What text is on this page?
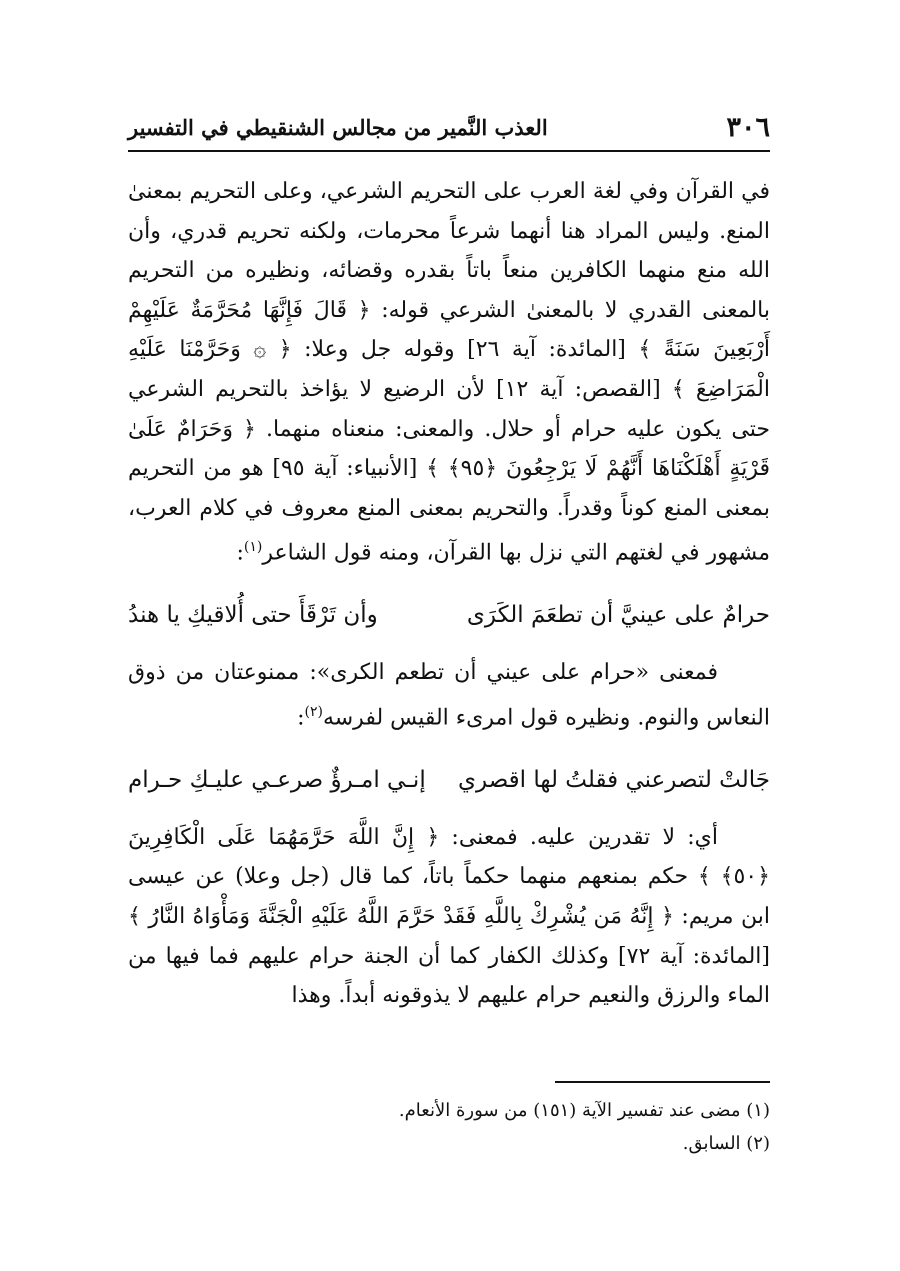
٣٠٦
العذب النَّمير من مجالس الشنقيطي في التفسير

في القرآن وفي لغة العرب على التحريم الشرعي، وعلى التحريم بمعنىٰ المنع. وليس المراد هنا أنهما شرعاً محرمات، ولكنه تحريم قدري، وأن الله منع منهما الكافرين منعاً باتاً بقدره وقضائه، ونظيره من التحريم بالمعنى القدري لا بالمعنىٰ الشرعي قوله: ﴿ قَالَ فَإِنَّهَا مُحَرَّمَةٌ عَلَيْهِمْ أَرْبَعِينَ سَنَةً ﴾ [المائدة: آية ٢٦] وقوله جل وعلا: ﴿ ۞ وَحَرَّمْنَا عَلَيْهِ الْمَرَاضِعَ ﴾ [القصص: آية ١٢] لأن الرضيع لا يؤاخذ بالتحريم الشرعي حتى يكون عليه حرام أو حلال. والمعنى: منعناه منهما. ﴿ وَحَرَامٌ عَلَىٰ قَرْيَةٍ أَهْلَكْنَاهَا أَنَّهُمْ لَا يَرْجِعُونَ ﴿٩٥﴾ ﴾ [الأنبياء: آية ٩٥] هو من التحريم بمعنى المنع كوناً وقدراً. والتحريم بمعنى المنع معروف في كلام العرب، مشهور في لغتهم التي نزل بها القرآن، ومنه قول الشاعر$^{(١)}$:

حرامٌ على عينيَّ أن تطعَمَ الكَرَى
وأن تَرْقَأَ حتى أُلاقيكِ يا هندُ

فمعنى «حرام على عيني أن تطعم الكرى»: ممنوعتان من ذوق النعاس والنوم. ونظيره قول امرىء القيس لفرسه$^{(٢)}$:

جَالتْ لتصرعني فقلتُ لها اقصري
إنـي امـرؤٌ صرعـي عليـكِ حـرام

أي: لا تقدرين عليه. فمعنى: ﴿ إِنَّ اللَّهَ حَرَّمَهُمَا عَلَى الْكَافِرِينَ ﴿٥٠﴾ ﴾ حكم بمنعهم منهما حكماً باتاً، كما قال (جل وعلا) عن عيسى ابن مريم: ﴿ إِنَّهُ مَن يُشْرِكْ بِاللَّهِ فَقَدْ حَرَّمَ اللَّهُ عَلَيْهِ الْجَنَّةَ وَمَأْوَاهُ النَّارُ ﴾ [المائدة: آية ٧٢] وكذلك الكفار كما أن الجنة حرام عليهم فما فيها من الماء والرزق والنعيم حرام عليهم لا يذوقونه أبداً. وهذا

(١) مضى عند تفسير الآية (١٥١) من سورة الأنعام.
(٢) السابق.
